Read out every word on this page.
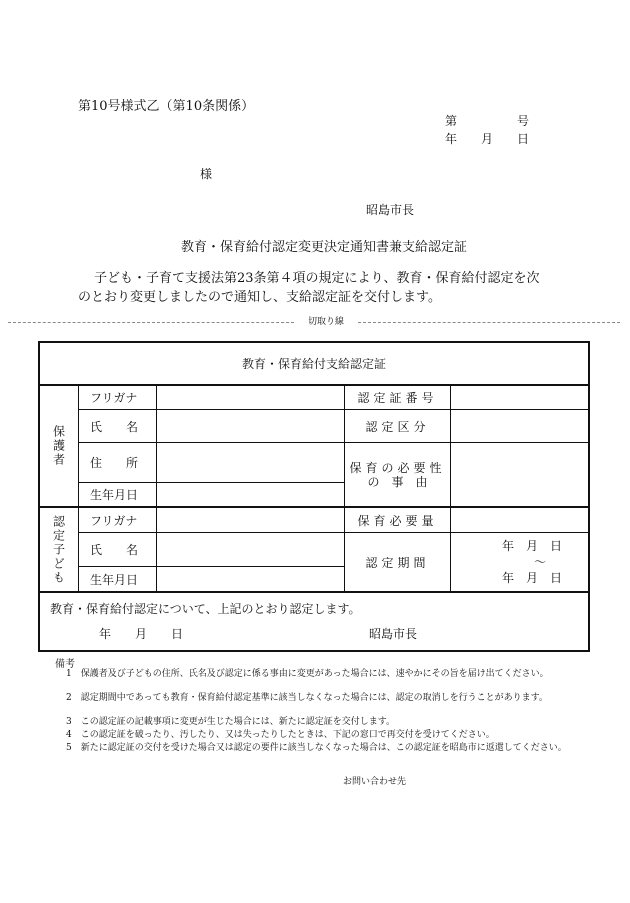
第10号様式乙（第10条関係）
第　　　　　号
年　　月　　日
様
昭島市長
教育・保育給付認定変更決定通知書兼支給認定証
子ども・子育て支援法第23条第４項の規定により、教育・保育給付認定を次
のとおり変更しましたので通知し、支給認定証を交付します。
切取り線
教育・保育給付支給認定証
保護者
フリガナ
氏　　名
住　　所
生年月日
認定証番号
認定区分
保育の必要性
の　事　由
認定子ども	フリガナ
氏　　名
生年月日
保育必要量
認定期間
年　月　日
〜
年　月　日
教育・保育給付認定について、上記のとおり認定します。
年　　月　　日	昭島市長
備考
1　保護者及び子どもの住所、氏名及び認定に係る事由に変更があった場合には、速やかにその旨を届け出てください。
2　認定期間中であっても教育・保育給付認定基準に該当しなくなった場合には、認定の取消しを行うことがあります。
3　この認定証の記載事項に変更が生じた場合には、新たに認定証を交付します。
4　この認定証を破ったり、汚したり、又は失ったりしたときは、下記の窓口で再交付を受けてください。
5　新たに認定証の交付を受けた場合又は認定の要件に該当しなくなった場合は、この認定証を昭島市に返還してください。
お問い合わせ先
